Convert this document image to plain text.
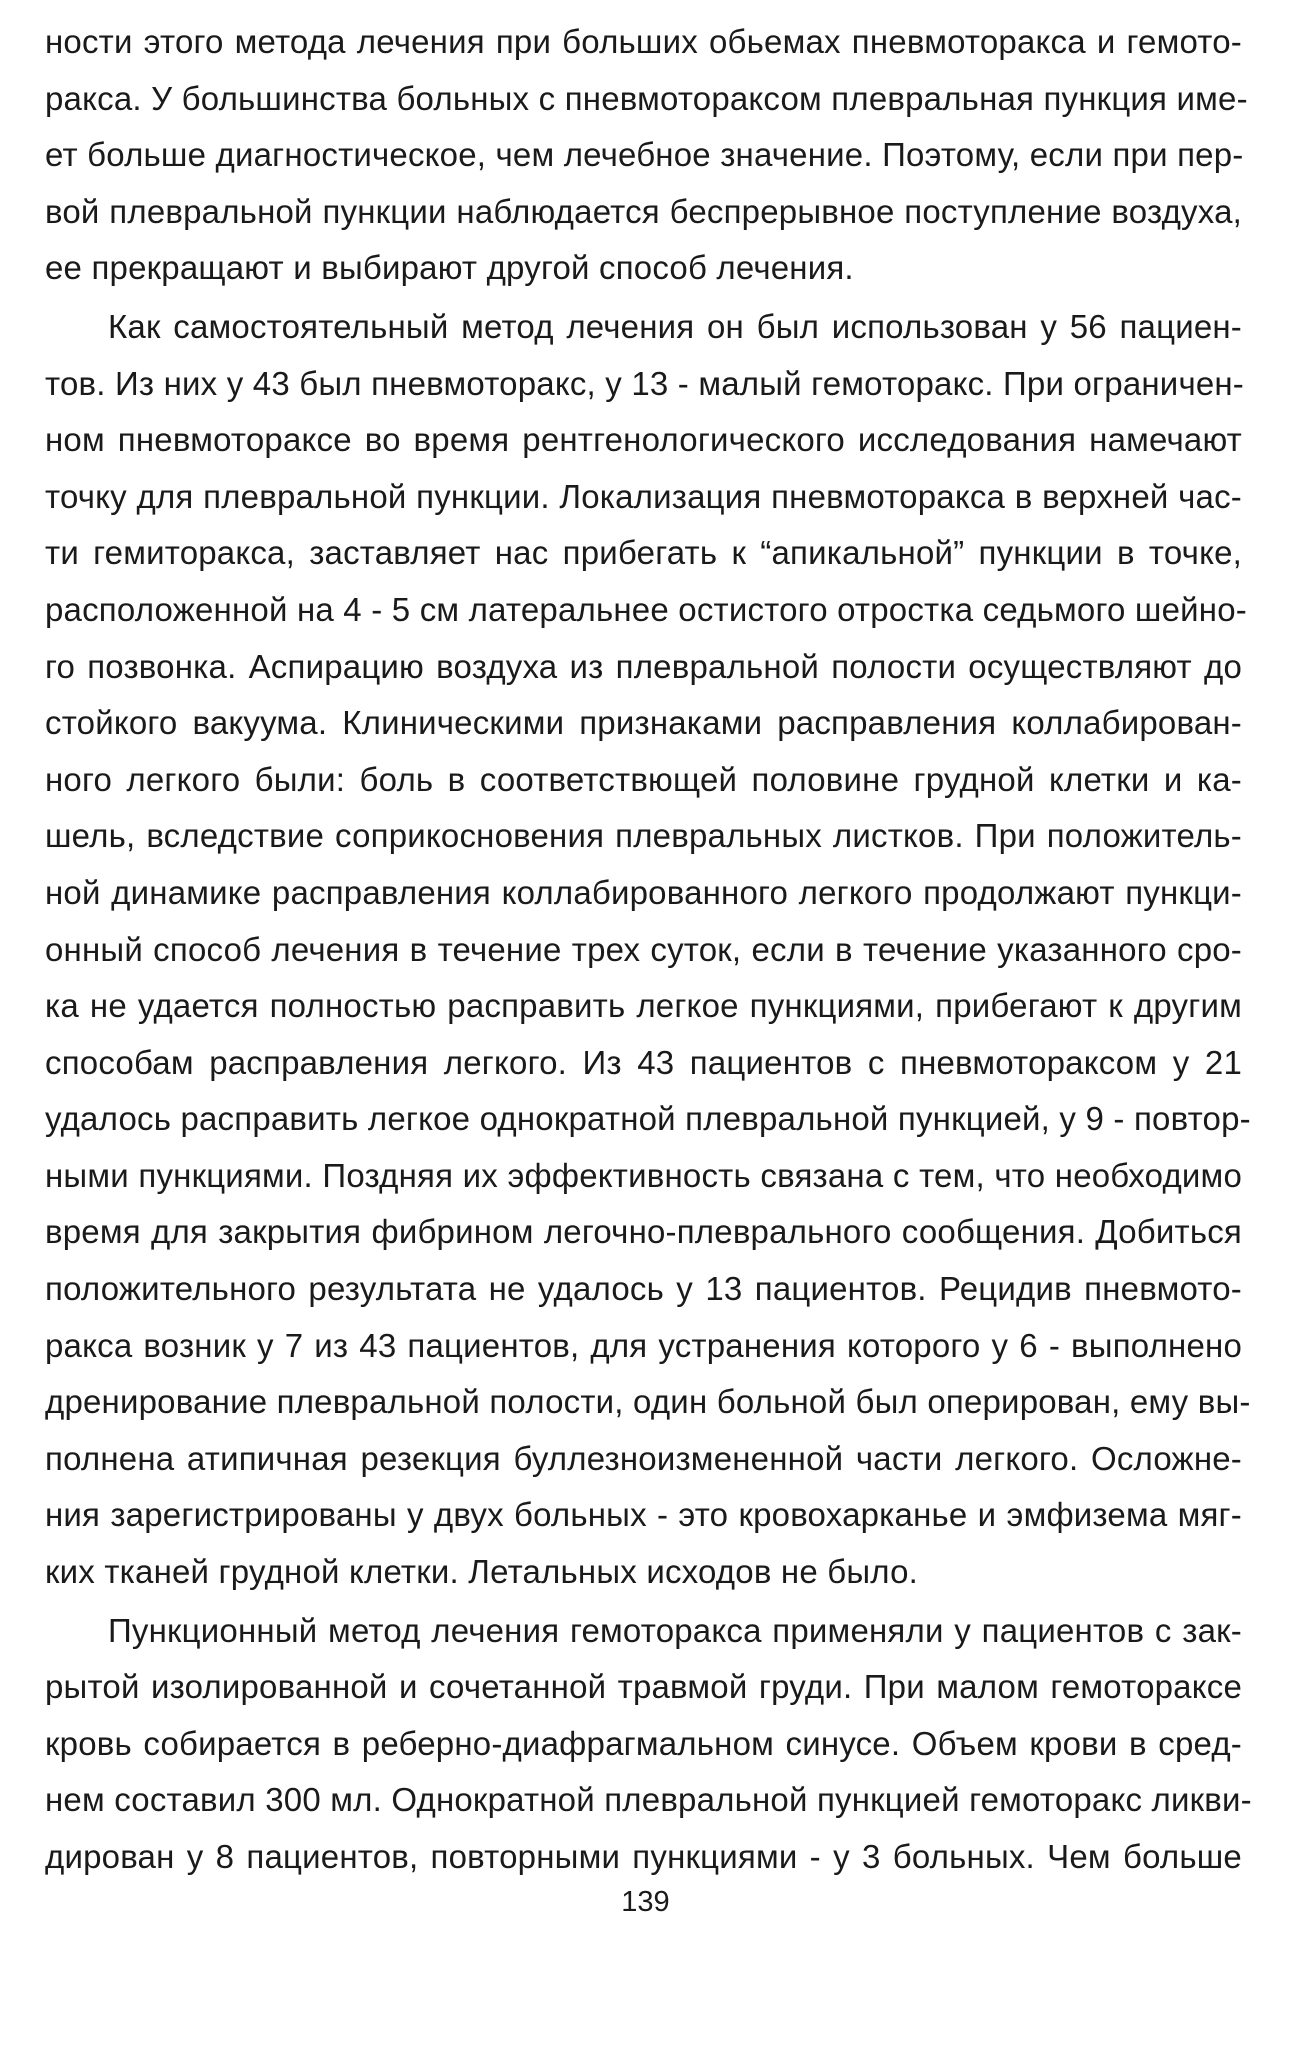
ности этого метода лечения при больших обьемах пневмоторакса и гемото-
ракса. У большинства больных с пневмотораксом плевральная пункция име-
ет больше диагностическое, чем лечебное значение. Поэтому, если при пер-
вой плевральной пункции наблюдается беспрерывное поступление воздуха,
ее прекращают и выбирают другой способ лечения.
Как самостоятельный метод лечения он был использован у 56 пациен-
тов. Из них у 43 был пневмоторакс, у 13 - малый гемоторакс. При ограничен-
ном пневмотораксе во время рентгенологического исследования намечают
точку для плевральной пункции. Локализация пневмоторакса в верхней час-
ти гемиторакса, заставляет нас прибегать к “апикальной” пункции в точке,
расположенной на 4 - 5 см латеральнее остистого отростка седьмого шейно-
го позвонка. Аспирацию воздуха из плевральной полости осуществляют до
стойкого вакуума. Клиническими признаками расправления коллабирован-
ного легкого были: боль в соответствющей половине грудной клетки и ка-
шель, вследствие соприкосновения плевральных листков. При положитель-
ной динамике расправления коллабированного легкого продолжают пункци-
онный способ лечения в течение трех суток, если в течение указанного сро-
ка не удается полностью расправить легкое пункциями, прибегают к другим
способам расправления легкого. Из 43 пациентов с пневмотораксом у 21
удалось расправить легкое однократной плевральной пункцией, у 9 - повтор-
ными пункциями. Поздняя их эффективность связана с тем, что необходимо
время для закрытия фибрином легочно-плеврального сообщения. Добиться
положительного результата не удалось у 13 пациентов. Рецидив пневмото-
ракса возник у 7 из 43 пациентов, для устранения которого у 6 - выполнено
дренирование плевральной полости, один больной был оперирован, ему вы-
полнена атипичная резекция буллезноизмененной части легкого. Осложне-
ния зарегистрированы у двух больных - это кровохарканье и эмфизема мяг-
ких тканей грудной клетки. Летальных исходов не было.
Пункционный метод лечения гемоторакса применяли у пациентов с зак-
рытой изолированной и сочетанной травмой груди. При малом гемотораксе
кровь собирается в реберно-диафрагмальном синусе. Объем крови в сред-
нем составил 300 мл. Однократной плевральной пункцией гемоторакс ликви-
дирован у 8 пациентов, повторными пункциями - у 3 больных. Чем больше
139
